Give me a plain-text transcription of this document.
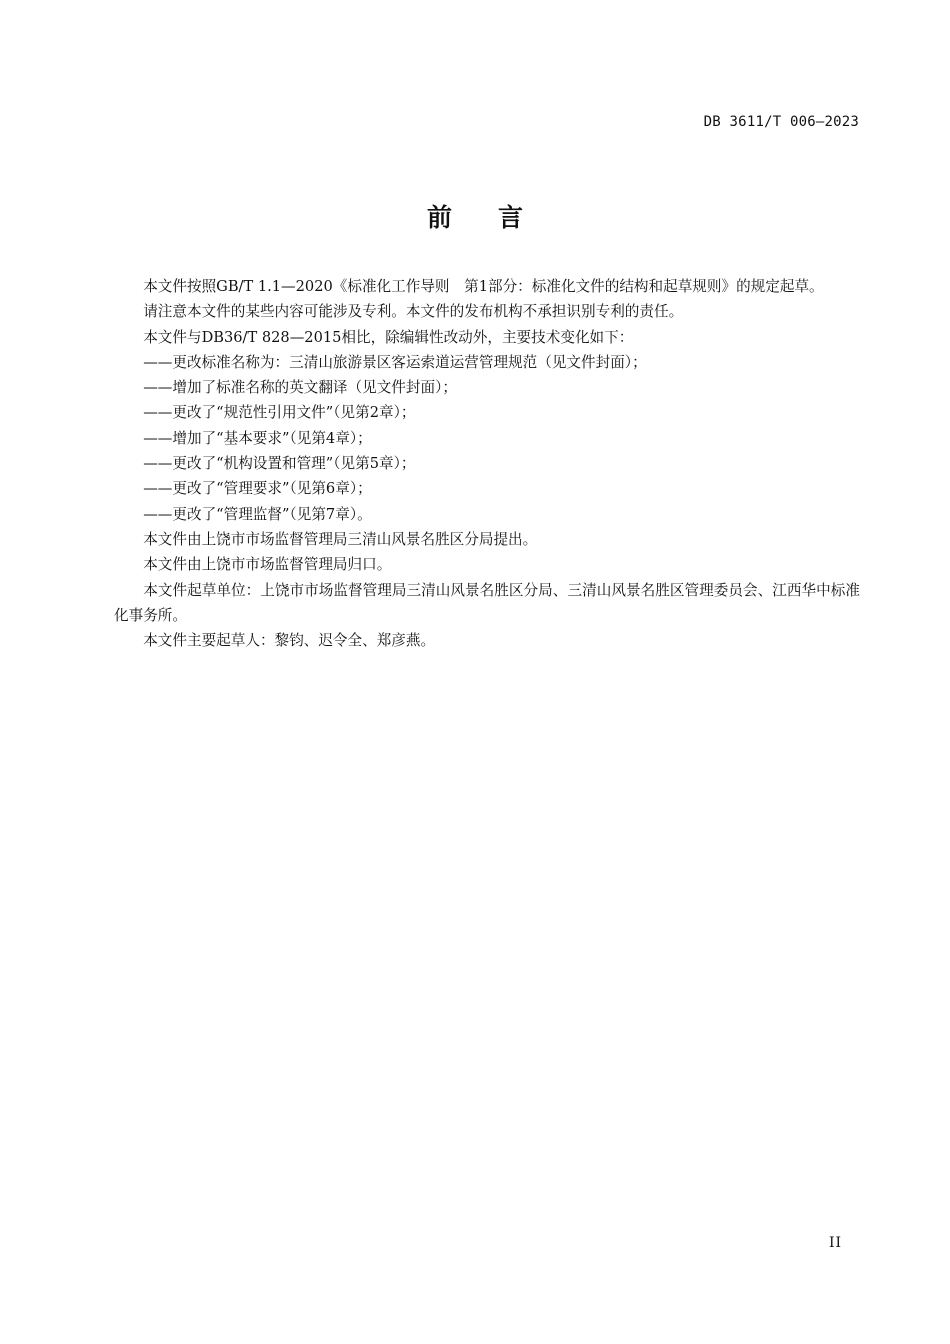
DB 3611/T 006—2023
前言

本文件按照GB/T 1.1—2020《标准化工作导则　第1部分：标准化文件的结构和起草规则》的规定起草。

请注意本文件的某些内容可能涉及专利。本文件的发布机构不承担识别专利的责任。

本文件与DB36/T 828—2015相比，除编辑性改动外，主要技术变化如下：

——更改标准名称为：三清山旅游景区客运索道运营管理规范（见文件封面）；

——增加了标准名称的英文翻译（见文件封面）；

——更改了“规范性引用文件”（见第2章）；

——增加了“基本要求”（见第4章）；

——更改了“机构设置和管理”（见第5章）；

——更改了“管理要求”（见第6章）；

——更改了“管理监督”（见第7章）。

本文件由上饶市市场监督管理局三清山风景名胜区分局提出。

本文件由上饶市市场监督管理局归口。

本文件起草单位：上饶市市场监督管理局三清山风景名胜区分局、三清山风景名胜区管理委员会、江西华中标准化事务所。

本文件主要起草人：黎钧、迟令全、郑彦燕。

II
